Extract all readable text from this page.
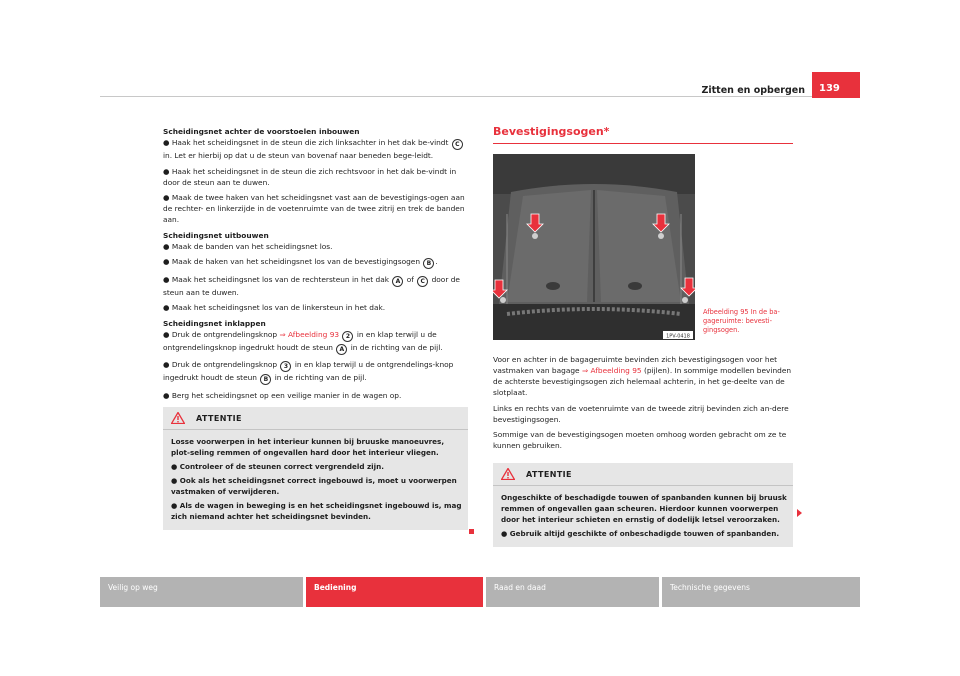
Zitten en opbergen	139

Scheidingsnet achter de voorstoelen inbouwen

● Haak het scheidingsnet in de steun die zich linksachter in het dak be-vindt C in. Let er hierbij op dat u de steun van bovenaf naar beneden bege-leidt.

● Haak het scheidingsnet in de steun die zich rechtsvoor in het dak be-vindt in door de steun aan te duwen.

● Maak de twee haken van het scheidingsnet vast aan de bevestigings-ogen aan de rechter- en linkerzijde in de voetenruimte van de twee zitrij en trek de banden aan.

Scheidingsnet uitbouwen

● Maak de banden van het scheidingsnet los.

● Maak de haken van het scheidingsnet los van de bevestigingsogen B .

● Maak het scheidingsnet los van de rechtersteun in het dak A of C door de steun aan te duwen.

● Maak het scheidingsnet los van de linkersteun in het dak.

Scheidingsnet inklappen

● Druk de ontgrendelingsknop ⇒ Afbeelding 93 2 in en klap terwijl u de ontgrendelingsknop ingedrukt houdt de steun A in de richting van de pijl.

● Druk de ontgrendelingsknop 3 in en klap terwijl u de ontgrendelings-knop ingedrukt houdt de steun B in de richting van de pijl.

● Berg het scheidingsnet op een veilige manier in de wagen op.

ATTENTIE

Losse voorwerpen in het interieur kunnen bij bruuske manoeuvres, plot-seling remmen of ongevallen hard door het interieur vliegen.

● Controleer of de steunen correct vergrendeld zijn.

● Ook als het scheidingsnet correct ingebouwd is, moet u voorwerpen vastmaken of verwijderen.

● Als de wagen in beweging is en het scheidingsnet ingebouwd is, mag zich niemand achter het scheidingsnet bevinden.

Bevestigingsogen*
1PV-0418
Afbeelding 95 In de ba-gageruimte: bevesti-gingsogen.

Voor en achter in de bagageruimte bevinden zich bevestigingsogen voor het vastmaken van bagage ⇒ Afbeelding 95 (pijlen). In sommige modellen bevinden de achterste bevestigingsogen zich helemaal achterin, in het ge-deelte van de slotplaat.

Links en rechts van de voetenruimte van de tweede zitrij bevinden zich an-dere bevestigingsogen.

Sommige van de bevestigingsogen moeten omhoog worden gebracht om ze te kunnen gebruiken.

ATTENTIE

Ongeschikte of beschadigde touwen of spanbanden kunnen bij bruusk remmen of ongevallen gaan scheuren. Hierdoor kunnen voorwerpen door het interieur schieten en ernstig of dodelijk letsel veroorzaken.

● Gebruik altijd geschikte of onbeschadigde touwen of spanbanden.

Veilig op weg	Bediening	Raad en daad	Technische gegevens
